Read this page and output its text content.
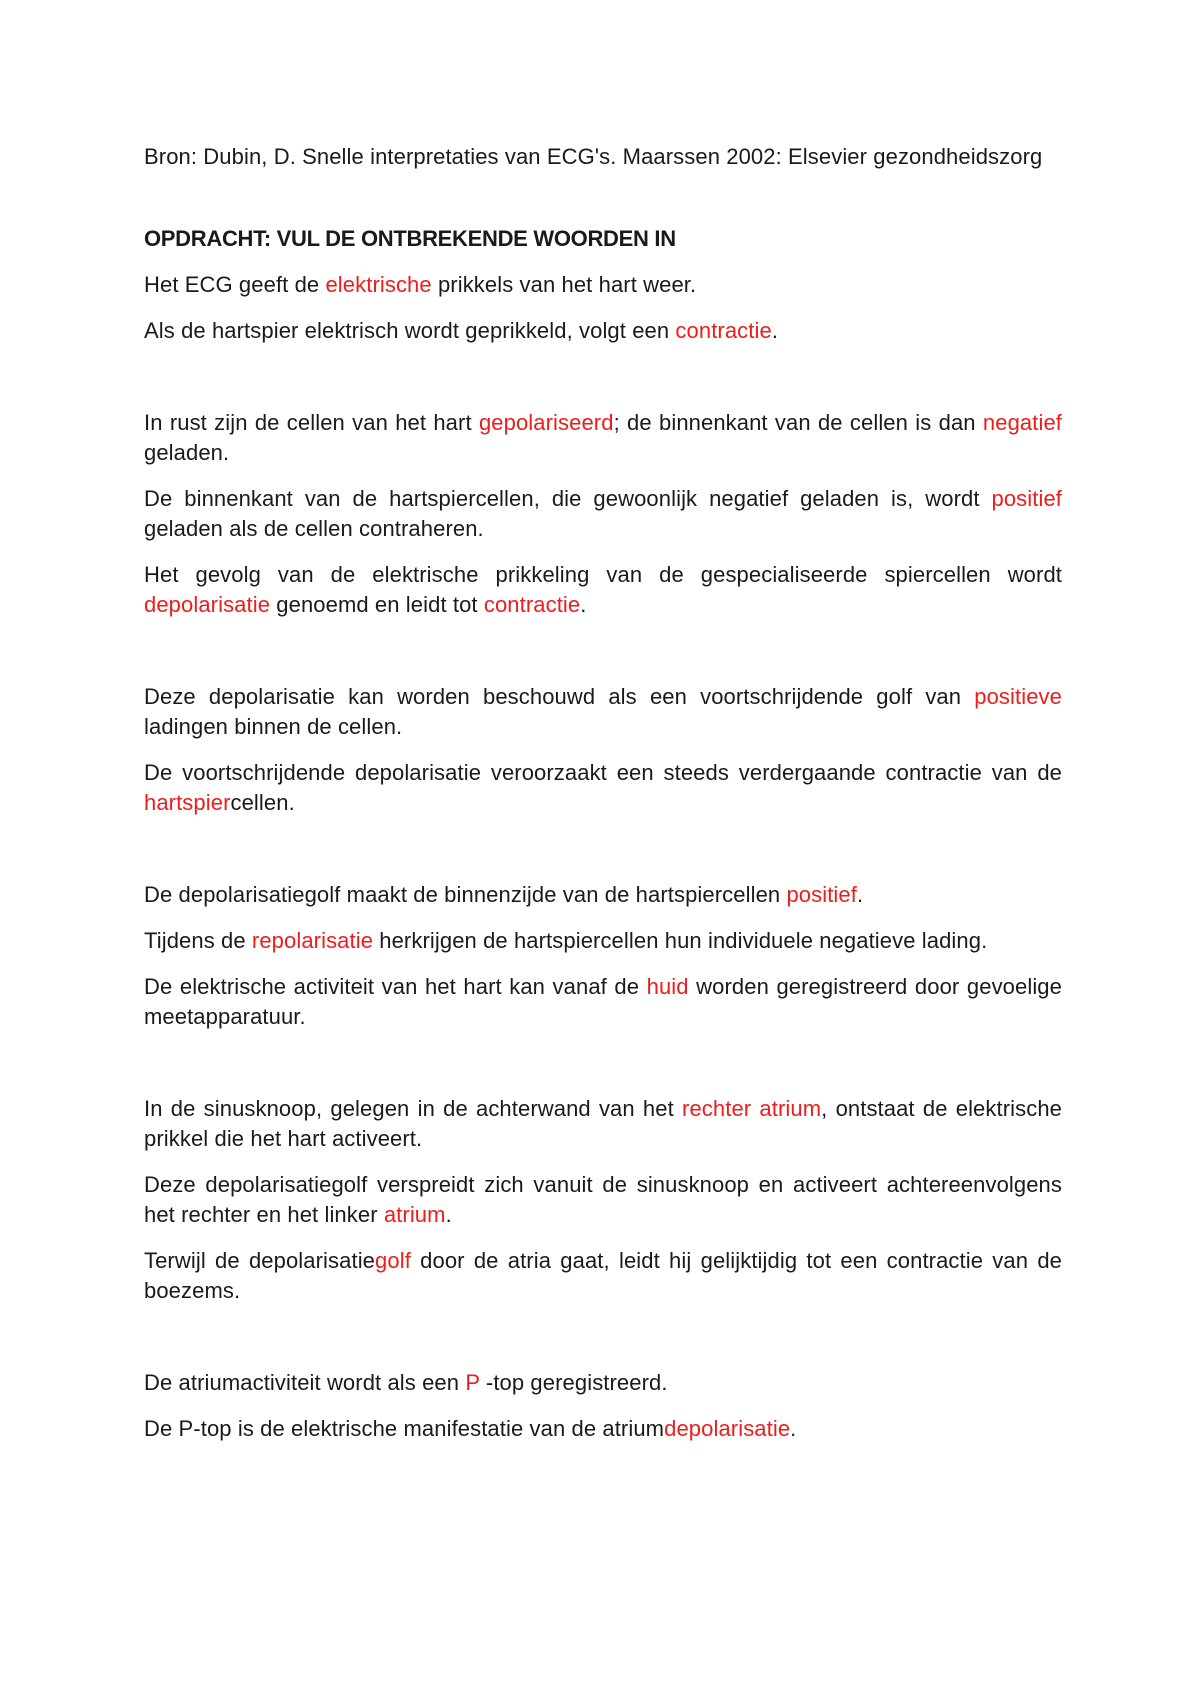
Bron: Dubin, D. Snelle interpretaties van ECG's. Maarssen 2002: Elsevier gezondheidszorg

OPDRACHT: VUL DE ONTBREKENDE WOORDEN IN

Het ECG geeft de elektrische prikkels van het hart weer.

Als de hartspier elektrisch wordt geprikkeld, volgt een contractie.

In rust zijn de cellen van het hart gepolariseerd; de binnenkant van de cellen is dan negatief geladen.

De binnenkant van de hartspiercellen, die gewoonlijk negatief geladen is, wordt positief geladen als de cellen contraheren.

Het gevolg van de elektrische prikkeling van de gespecialiseerde spiercellen wordt depolarisatie genoemd en leidt tot contractie.

Deze depolarisatie kan worden beschouwd als een voortschrijdende golf van positieve ladingen binnen de cellen.

De voortschrijdende depolarisatie veroorzaakt een steeds verdergaande contractie van de hartspiercellen.

De depolarisatiegolf maakt de binnenzijde van de hartspiercellen positief.

Tijdens de repolarisatie herkrijgen de hartspiercellen hun individuele negatieve lading.

De elektrische activiteit van het hart kan vanaf de huid worden geregistreerd door gevoelige meetapparatuur.

In de sinusknoop, gelegen in de achterwand van het rechter atrium, ontstaat de elektrische prikkel die het hart activeert.

Deze depolarisatiegolf verspreidt zich vanuit de sinusknoop en activeert achtereenvolgens het rechter en het linker atrium.

Terwijl de depolarisatiegolf door de atria gaat, leidt hij gelijktijdig tot een contractie van de boezems.

De atriumactiviteit wordt als een P -top geregistreerd.

De P-top is de elektrische manifestatie van de atriumdepolarisatie.
